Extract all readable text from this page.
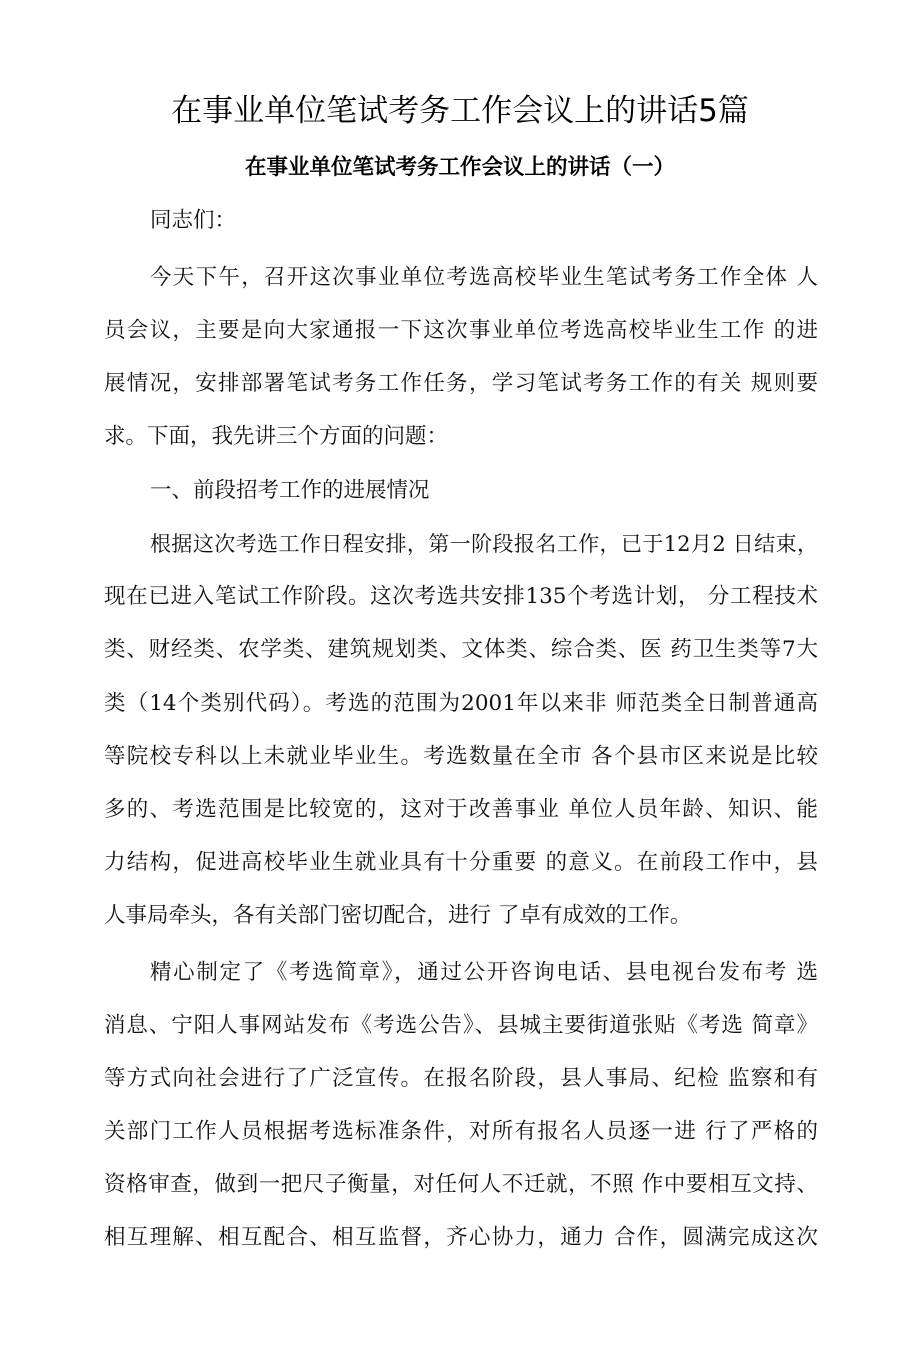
在事业单位笔试考务工作会议上的讲话5篇
在事业单位笔试考务工作会议上的讲话（一）
同志们：
今天下午，召开这次事业单位考选高校毕业生笔试考务工作全体 人
员会议，主要是向大家通报一下这次事业单位考选高校毕业生工作 的进
展情况，安排部署笔试考务工作任务，学习笔试考务工作的有关 规则要
求。下面，我先讲三个方面的问题：
一、前段招考工作的进展情况
根据这次考选工作日程安排，第一阶段报名工作，已于12月2 日结束，
现在已进入笔试工作阶段。这次考选共安排135个考选计划， 分工程技术
类、财经类、农学类、建筑规划类、文体类、综合类、医 药卫生类等7大
类（14个类别代码）。考选的范围为2001年以来非 师范类全日制普通高
等院校专科以上未就业毕业生。考选数量在全市 各个县市区来说是比较
多的、考选范围是比较宽的，这对于改善事业 单位人员年龄、知识、能
力结构，促进高校毕业生就业具有十分重要 的意义。在前段工作中，县
人事局牵头，各有关部门密切配合，进行 了卓有成效的工作。
精心制定了《考选简章》，通过公开咨询电话、县电视台发布考 选
消息、宁阳人事网站发布《考选公告》、县城主要街道张贴《考选 简章》
等方式向社会进行了广泛宣传。在报名阶段，县人事局、纪检 监察和有
关部门工作人员根据考选标准条件，对所有报名人员逐一进 行了严格的
资格审查，做到一把尺子衡量，对任何人不迁就，不照 作中要相互文持、
相互理解、相互配合、相互监督，齐心协力，通力 合作，圆满完成这次
